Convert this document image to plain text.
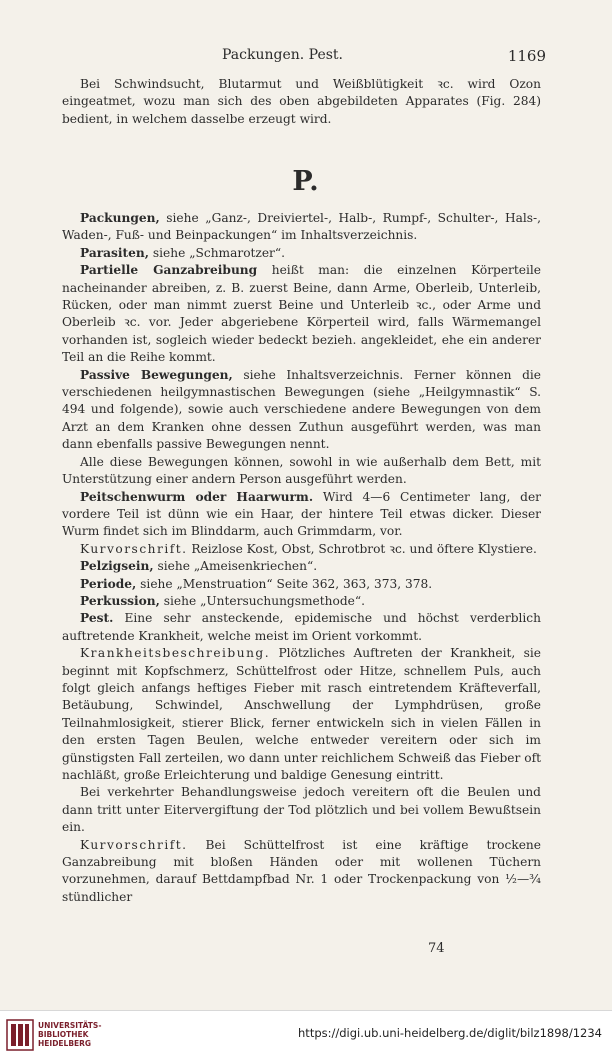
Packungen. Pest.	1169
Bei Schwindsucht, Blutarmut und Weißblütigkeit ꝛc. wird Ozon eingeatmet, wozu man sich des oben abgebildeten Apparates (Fig. 284) bedient, in welchem dasselbe erzeugt wird.
P.

Packungen, siehe „Ganz-, Dreiviertel-, Halb-, Rumpf-, Schulter-, Hals-, Waden-, Fuß- und Beinpackungen“ im Inhaltsverzeichnis.

Parasiten, siehe „Schmarotzer“.

Partielle Ganzabreibung heißt man: die einzelnen Körperteile nacheinander abreiben, z. B. zuerst Beine, dann Arme, Oberleib, Unterleib, Rücken, oder man nimmt zuerst Beine und Unterleib ꝛc., oder Arme und Oberleib ꝛc. vor. Jeder abgeriebene Körperteil wird, falls Wärmemangel vorhanden ist, sogleich wieder bedeckt bezieh. angekleidet, ehe ein anderer Teil an die Reihe kommt.

Passive Bewegungen, siehe Inhaltsverzeichnis. Ferner können die verschiedenen heilgymnastischen Bewegungen (siehe „Heilgymnastik“ S. 494 und folgende), sowie auch verschiedene andere Bewegungen von dem Arzt an dem Kranken ohne dessen Zuthun ausgeführt werden, was man dann ebenfalls passive Bewegungen nennt.

Alle diese Bewegungen können, sowohl in wie außerhalb dem Bett, mit Unterstützung einer andern Person ausgeführt werden.

Peitschenwurm oder Haarwurm. Wird 4—6 Centimeter lang, der vordere Teil ist dünn wie ein Haar, der hintere Teil etwas dicker. Dieser Wurm findet sich im Blinddarm, auch Grimmdarm, vor.

Kurvorschrift. Reizlose Kost, Obst, Schrotbrot ꝛc. und öftere Klystiere.

Pelzigsein, siehe „Ameisenkriechen“.

Periode, siehe „Menstruation“ Seite 362, 363, 373, 378.

Perkussion, siehe „Untersuchungsmethode“.

Pest. Eine sehr ansteckende, epidemische und höchst verderblich auftretende Krankheit, welche meist im Orient vorkommt.

Krankheitsbeschreibung. Plötzliches Auftreten der Krankheit, sie beginnt mit Kopfschmerz, Schüttelfrost oder Hitze, schnellem Puls, auch folgt gleich anfangs heftiges Fieber mit rasch eintretendem Kräfteverfall, Betäubung, Schwindel, Anschwellung der Lymphdrüsen, große Teilnahmlosigkeit, stierer Blick, ferner entwickeln sich in vielen Fällen in den ersten Tagen Beulen, welche entweder vereitern oder sich im günstigsten Fall zerteilen, wo dann unter reichlichem Schweiß das Fieber oft nachläßt, große Erleichterung und baldige Genesung eintritt.

Bei verkehrter Behandlungsweise jedoch vereitern oft die Beulen und dann tritt unter Eitervergiftung der Tod plötzlich und bei vollem Bewußtsein ein.

Kurvorschrift. Bei Schüttelfrost ist eine kräftige trockene Ganzabreibung mit bloßen Händen oder mit wollenen Tüchern vorzunehmen, darauf Bettdampfbad Nr. 1 oder Trockenpackung von ½—¾ stündlicher

74
UNIVERSITÄTS-
BIBLIOTHEK
HEIDELBERG
https://digi.ub.uni-heidelberg.de/diglit/bilz1898/1234
